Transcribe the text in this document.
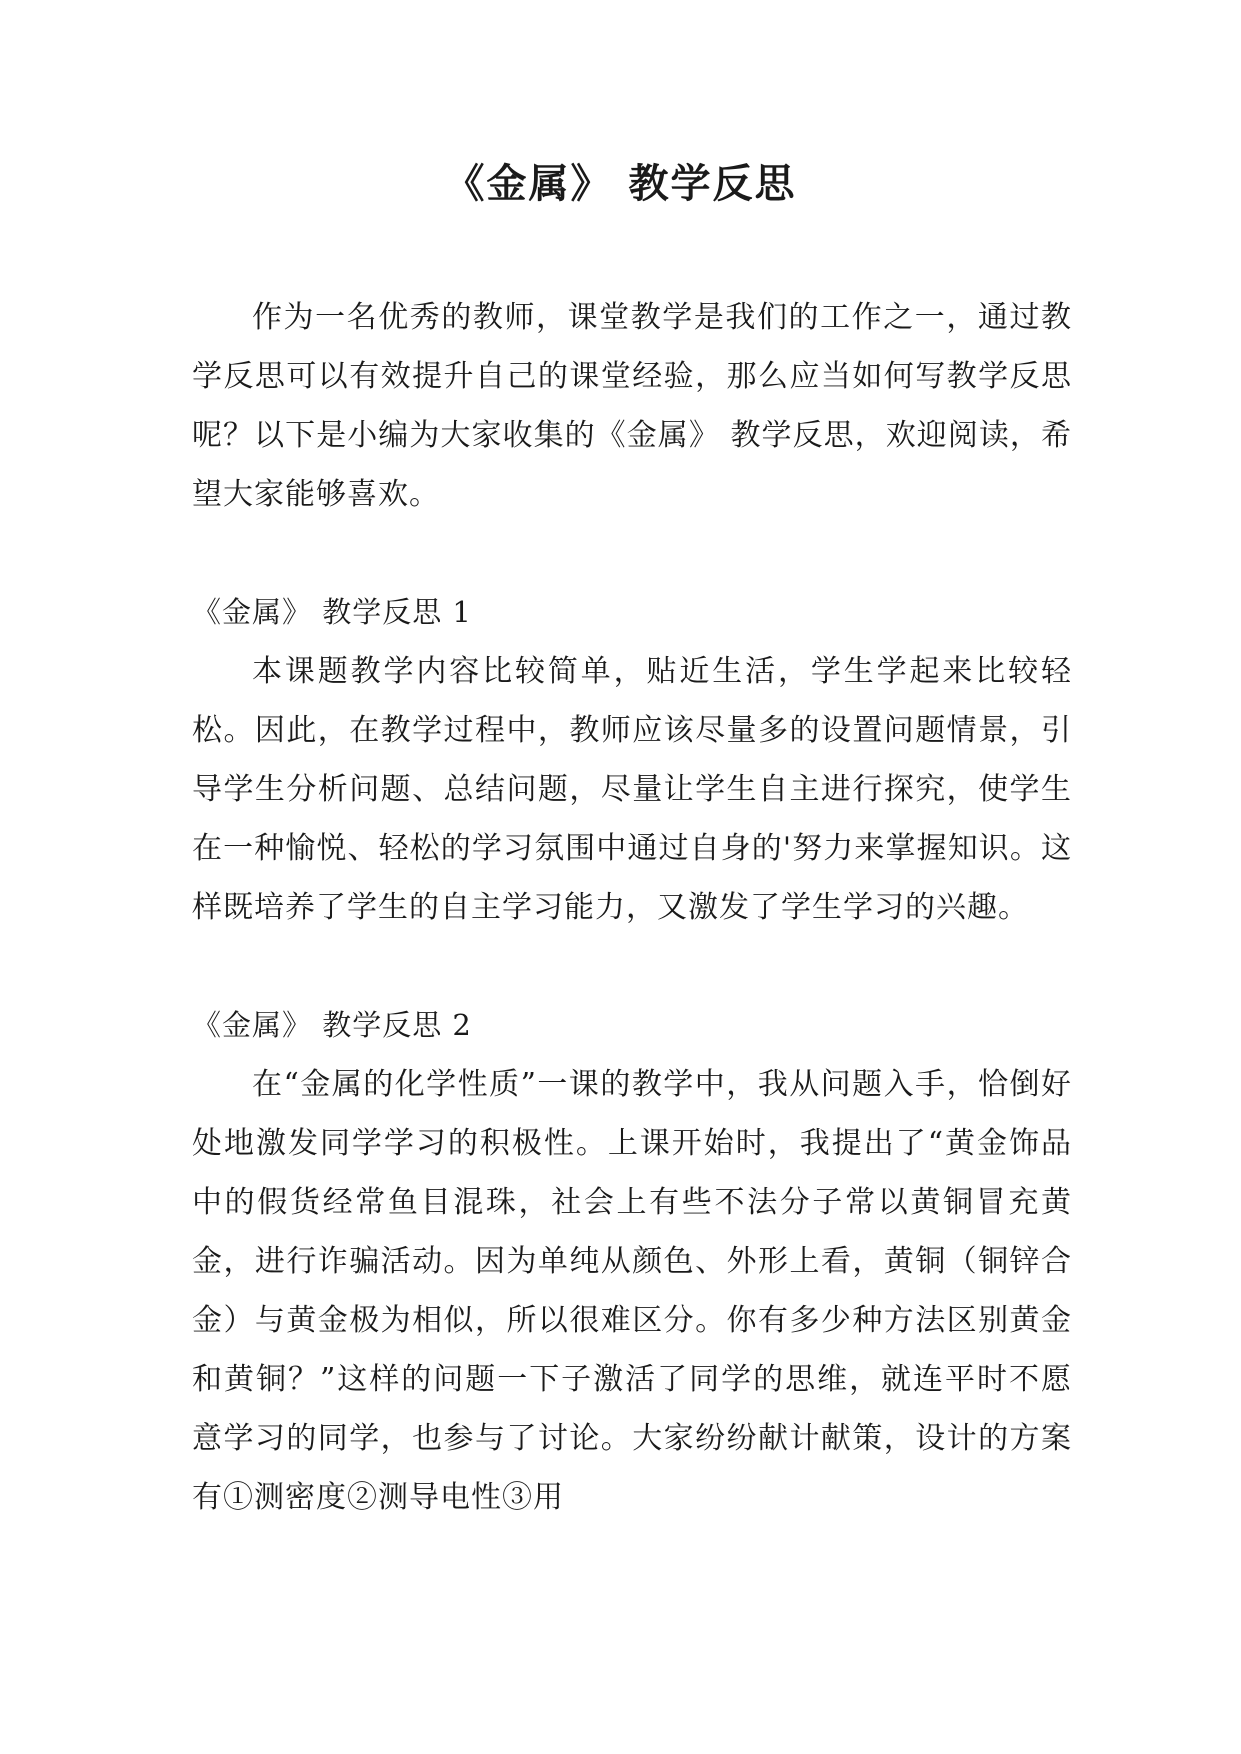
《金属》 教学反思

作为一名优秀的教师，课堂教学是我们的工作之一，通过教学反思可以有效提升自己的课堂经验，那么应当如何写教学反思呢？以下是小编为大家收集的《金属》 教学反思，欢迎阅读，希望大家能够喜欢。

《金属》 教学反思 1

本课题教学内容比较简单，贴近生活，学生学起来比较轻松。因此，在教学过程中，教师应该尽量多的设置问题情景，引导学生分析问题、总结问题，尽量让学生自主进行探究，使学生在一种愉悦、轻松的学习氛围中通过自身的'努力来掌握知识。这样既培养了学生的自主学习能力，又激发了学生学习的兴趣。

《金属》 教学反思 2

在“金属的化学性质”一课的教学中，我从问题入手，恰倒好处地激发同学学习的积极性。上课开始时，我提出了“黄金饰品中的假货经常鱼目混珠，社会上有些不法分子常以黄铜冒充黄金，进行诈骗活动。因为单纯从颜色、外形上看，黄铜（铜锌合金）与黄金极为相似，所以很难区分。你有多少种方法区别黄金和黄铜？”这样的问题一下子激活了同学的思维，就连平时不愿意学习的同学，也参与了讨论。大家纷纷献计献策，设计的方案有①测密度②测导电性③用
